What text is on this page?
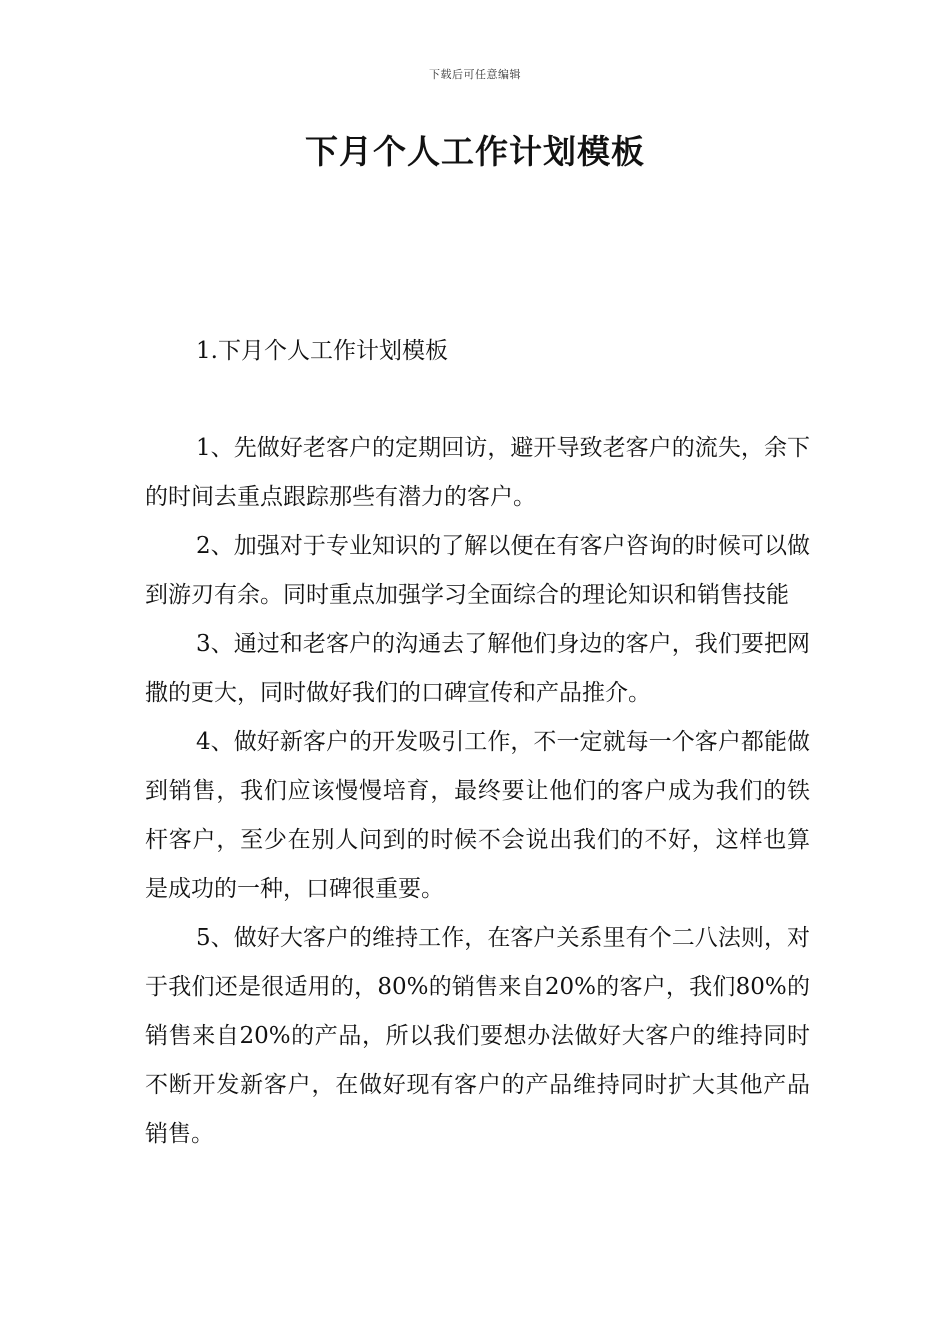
下载后可任意编辑
下月个人工作计划模板
1.下月个人工作计划模板

1、先做好老客户的定期回访，避开导致老客户的流失，余下的时间去重点跟踪那些有潜力的客户。

2、加强对于专业知识的了解以便在有客户咨询的时候可以做到游刃有余。同时重点加强学习全面综合的理论知识和销售技能

3、通过和老客户的沟通去了解他们身边的客户，我们要把网撒的更大，同时做好我们的口碑宣传和产品推介。

4、做好新客户的开发吸引工作，不一定就每一个客户都能做到销售，我们应该慢慢培育，最终要让他们的客户成为我们的铁杆客户，至少在别人问到的时候不会说出我们的不好，这样也算是成功的一种，口碑很重要。

5、做好大客户的维持工作，在客户关系里有个二八法则，对于我们还是很适用的，80%的销售来自20%的客户，我们80%的销售来自20%的产品，所以我们要想办法做好大客户的维持同时不断开发新客户，在做好现有客户的产品维持同时扩大其他产品销售。
